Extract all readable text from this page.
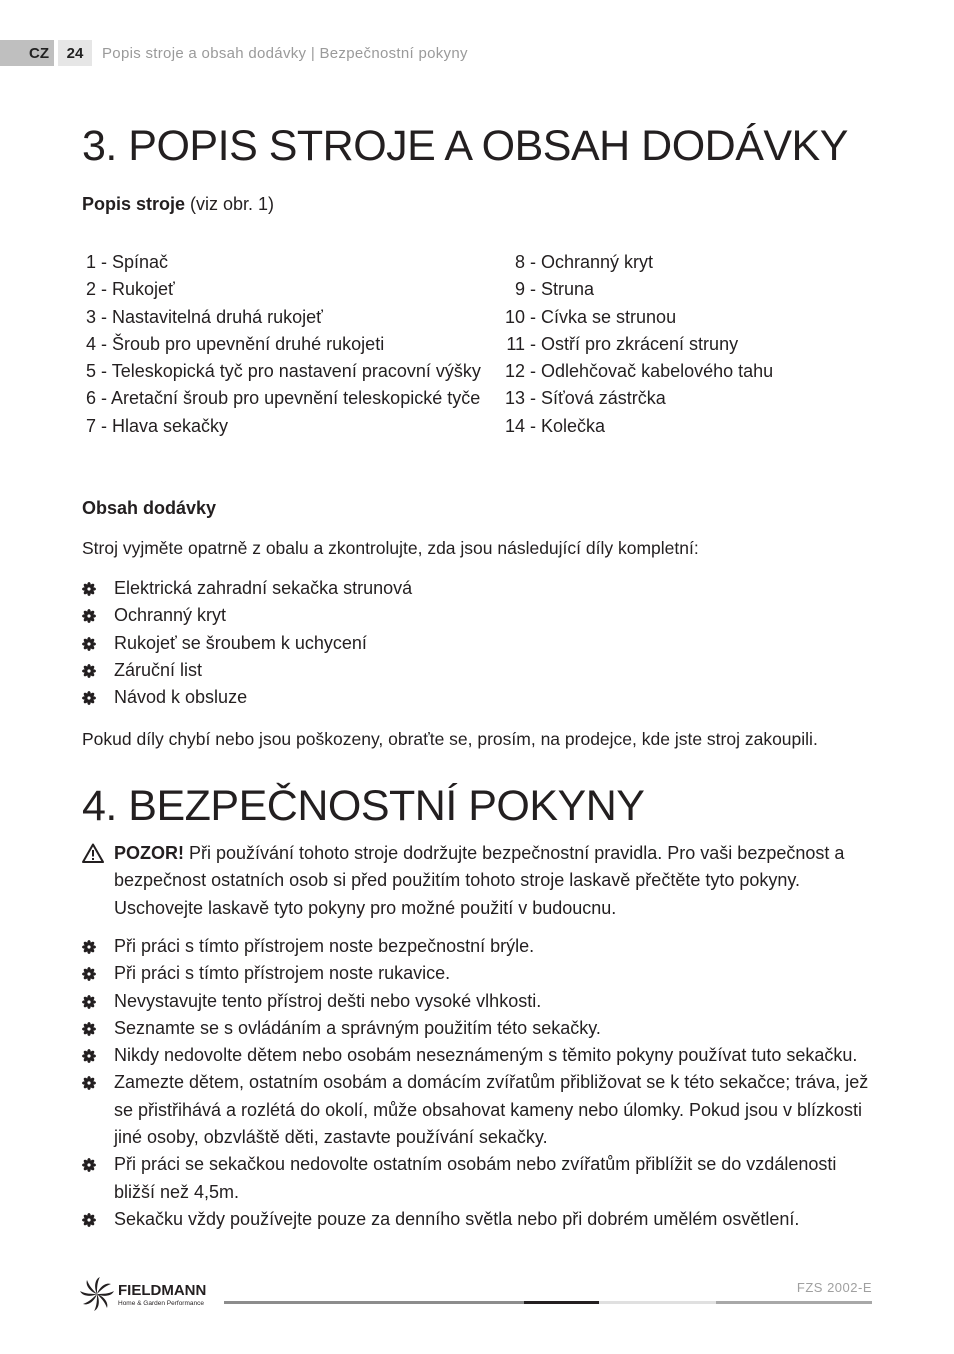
CZ	24	Popis stroje a obsah dodávky | Bezpečnostní pokyny
3. POPIS STROJE A OBSAH DODÁVKY

Popis stroje (viz obr. 1)

1 - Spínač
2 - Rukojeť
3 - Nastavitelná druhá rukojeť
4 - Šroub pro upevnění druhé rukojeti
5 - Teleskopická tyč pro nastavení pracovní výšky
6 - Aretační šroub pro upevnění teleskopické tyče
7 - Hlava sekačky
8 - Ochranný kryt
9 - Struna
10 - Cívka se strunou
11 - Ostří pro zkrácení struny
12 - Odlehčovač kabelového tahu
13 - Síťová zástrčka
14 - Kolečka

Obsah dodávky

Stroj vyjměte opatrně z obalu a zkontrolujte, zda jsou následující díly kompletní:

Elektrická zahradní sekačka strunová
Ochranný kryt
Rukojeť se šroubem k uchycení
Záruční list
Návod k obsluze

Pokud díly chybí nebo jsou poškozeny, obraťte se, prosím, na prodejce, kde jste stroj zakoupili.

4. BEZPEČNOSTNÍ POKYNY
POZOR! Při používání tohoto stroje dodržujte bezpečnostní pravidla. Pro vaši bezpečnost a bezpečnost ostatních osob si před použitím tohoto stroje laskavě přečtěte tyto pokyny. Uschovejte laskavě tyto pokyny pro možné použití v budoucnu.
Při práci s tímto přístrojem noste bezpečnostní brýle.
Při práci s tímto přístrojem noste rukavice.
Nevystavujte tento přístroj dešti nebo vysoké vlhkosti.
Seznamte se s ovládáním a správným použitím této sekačky.
Nikdy nedovolte dětem nebo osobám neseznámeným s těmito pokyny používat tuto sekačku.
Zamezte dětem, ostatním osobám a domácím zvířatům přibližovat se k této sekačce; tráva, jež se přistřihává a rozlétá do okolí, může obsahovat kameny nebo úlomky. Pokud jsou v blízkosti jiné osoby, obzvláště děti, zastavte používání sekačky.
Při práci se sekačkou nedovolte ostatním osobám nebo zvířatům přiblížit se do vzdálenosti bližší než 4,5m.
Sekačku vždy používejte pouze za denního světla nebo při dobrém umělém osvětlení.
FIELDMANN
Home & Garden Performance
FZS 2002-E
